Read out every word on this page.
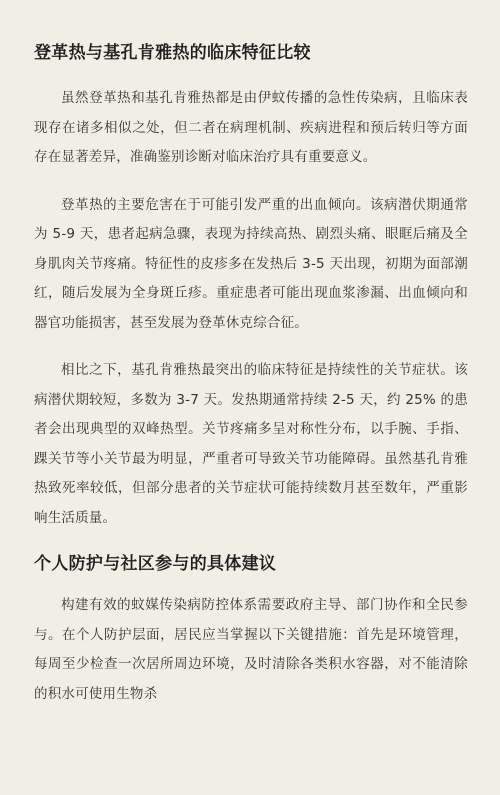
登革热与基孔肯雅热的临床特征比较

虽然登革热和基孔肯雅热都是由伊蚊传播的急性传染病，且临床表现存在诸多相似之处，但二者在病理机制、疾病进程和预后转归等方面存在显著差异，准确鉴别诊断对临床治疗具有重要意义。

登革热的主要危害在于可能引发严重的出血倾向。该病潜伏期通常为 5-9 天，患者起病急骤，表现为持续高热、剧烈头痛、眼眶后痛及全身肌肉关节疼痛。特征性的皮疹多在发热后 3-5 天出现，初期为面部潮红，随后发展为全身斑丘疹。重症患者可能出现血浆渗漏、出血倾向和器官功能损害，甚至发展为登革休克综合征。

相比之下，基孔肯雅热最突出的临床特征是持续性的关节症状。该病潜伏期较短，多数为 3-7 天。发热期通常持续 2-5 天，约 25% 的患者会出现典型的双峰热型。关节疼痛多呈对称性分布，以手腕、手指、踝关节等小关节最为明显，严重者可导致关节功能障碍。虽然基孔肯雅热致死率较低，但部分患者的关节症状可能持续数月甚至数年，严重影响生活质量。

个人防护与社区参与的具体建议

构建有效的蚊媒传染病防控体系需要政府主导、部门协作和全民参与。在个人防护层面，居民应当掌握以下关键措施：首先是环境管理，每周至少检查一次居所周边环境，及时清除各类积水容器，对不能清除的积水可使用生物杀
